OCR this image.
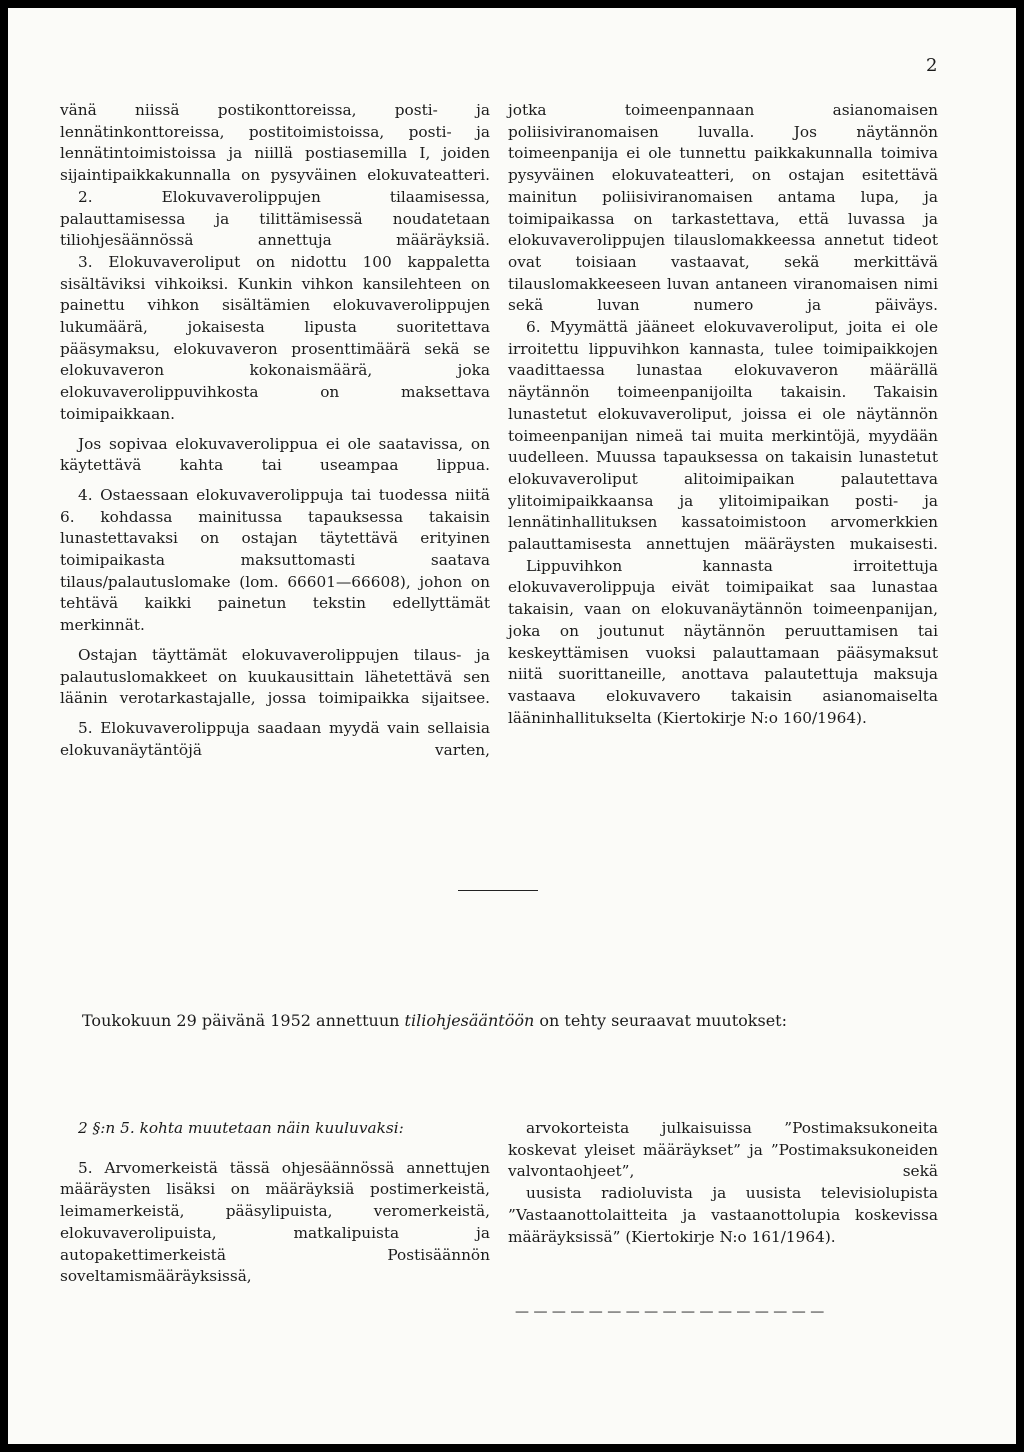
2

vänä niissä postikonttoreissa, posti- ja lennätinkonttoreissa, postitoimistoissa, posti- ja lennätintoimistoissa ja niillä postiasemilla I, joiden sijaintipaikkakunnalla on pysyväinen elokuvateatteri.

2. Elokuvaverolippujen tilaamisessa, palauttamisessa ja tilittämisessä noudatetaan tiliohjesäännössä annettuja määräyksiä.

3. Elokuvaveroliput on nidottu 100 kappaletta sisältäviksi vihkoiksi. Kunkin vihkon kansilehteen on painettu vihkon sisältämien elokuvaverolippujen lukumäärä, jokaisesta lipusta suoritettava pääsymaksu, elokuvaveron prosenttimäärä sekä se elokuvaveron kokonaismäärä, joka elokuvaverolippuvihkosta on maksettava toimipaikkaan.

Jos sopivaa elokuvaverolippua ei ole saatavissa, on käytettävä kahta tai useampaa lippua.

4. Ostaessaan elokuvaverolippuja tai tuodessa niitä 6. kohdassa mainitussa tapauksessa takaisin lunastettavaksi on ostajan täytettävä erityinen toimipaikasta maksuttomasti saatava tilaus/palautuslomake (lom. 66601—66608), johon on tehtävä kaikki painetun tekstin edellyttämät merkinnät.

Ostajan täyttämät elokuvaverolippujen tilaus- ja palautuslomakkeet on kuukausittain lähetettävä sen läänin verotarkastajalle, jossa toimipaikka sijaitsee.

5. Elokuvaverolippuja saadaan myydä vain sellaisia elokuvanäytäntöjä varten,

jotka toimeenpannaan asianomaisen poliisiviranomaisen luvalla. Jos näytännön toimeenpanija ei ole tunnettu paikkakunnalla toimiva pysyväinen elokuvateatteri, on ostajan esitettävä mainitun poliisiviranomaisen antama lupa, ja toimipaikassa on tarkastettava, että luvassa ja elokuvaverolippujen tilauslomakkeessa annetut tideot ovat toisiaan vastaavat, sekä merkittävä tilauslomakkeeseen luvan antaneen viranomaisen nimi sekä luvan numero ja päiväys.

6. Myymättä jääneet elokuvaveroliput, joita ei ole irroitettu lippuvihkon kannasta, tulee toimipaikkojen vaadittaessa lunastaa elokuvaveron määrällä näytännön toimeenpanijoilta takaisin. Takaisin lunastetut elokuvaveroliput, joissa ei ole näytännön toimeenpanijan nimeä tai muita merkintöjä, myydään uudelleen. Muussa tapauksessa on takaisin lunastetut elokuvaveroliput alitoimipaikan palautettava ylitoimipaikkaansa ja ylitoimipaikan posti- ja lennätinhallituksen kassatoimistoon arvomerkkien palauttamisesta annettujen määräysten mukaisesti.

Lippuvihkon kannasta irroitettuja elokuvaverolippuja eivät toimipaikat saa lunastaa takaisin, vaan on elokuvanäytännön toimeenpanijan, joka on joutunut näytännön peruuttamisen tai keskeyttämisen vuoksi palauttamaan pääsymaksut niitä suorittaneille, anottava palautettuja maksuja vastaava elokuvavero takaisin asianomaiselta lääninhallitukselta (Kiertokirje N:o 160/1964).

Toukokuun 29 päivänä 1952 annettuun tiliohjesääntöön on tehty seuraavat muutokset:

2 §:n 5. kohta muutetaan näin kuuluvaksi:

5. Arvomerkeistä tässä ohjesäännössä annettujen määräysten lisäksi on määräyksiä postimerkeistä, leimamerkeistä, pääsylipuista, veromerkeistä, elokuvaverolipuista, matkalipuista ja autopakettimerkeistä Postisäännön soveltamismääräyksissä,

arvokorteista julkaisuissa ”Postimaksukoneita koskevat yleiset määräykset” ja ”Postimaksukoneiden valvontaohjeet”, sekä

uusista radioluvista ja uusista televisiolupista ”Vastaanottolaitteita ja vastaanottolupia koskevissa määräyksissä” (Kiertokirje N:o 161/1964).

— — — — — — — — — — — — — — — — —
